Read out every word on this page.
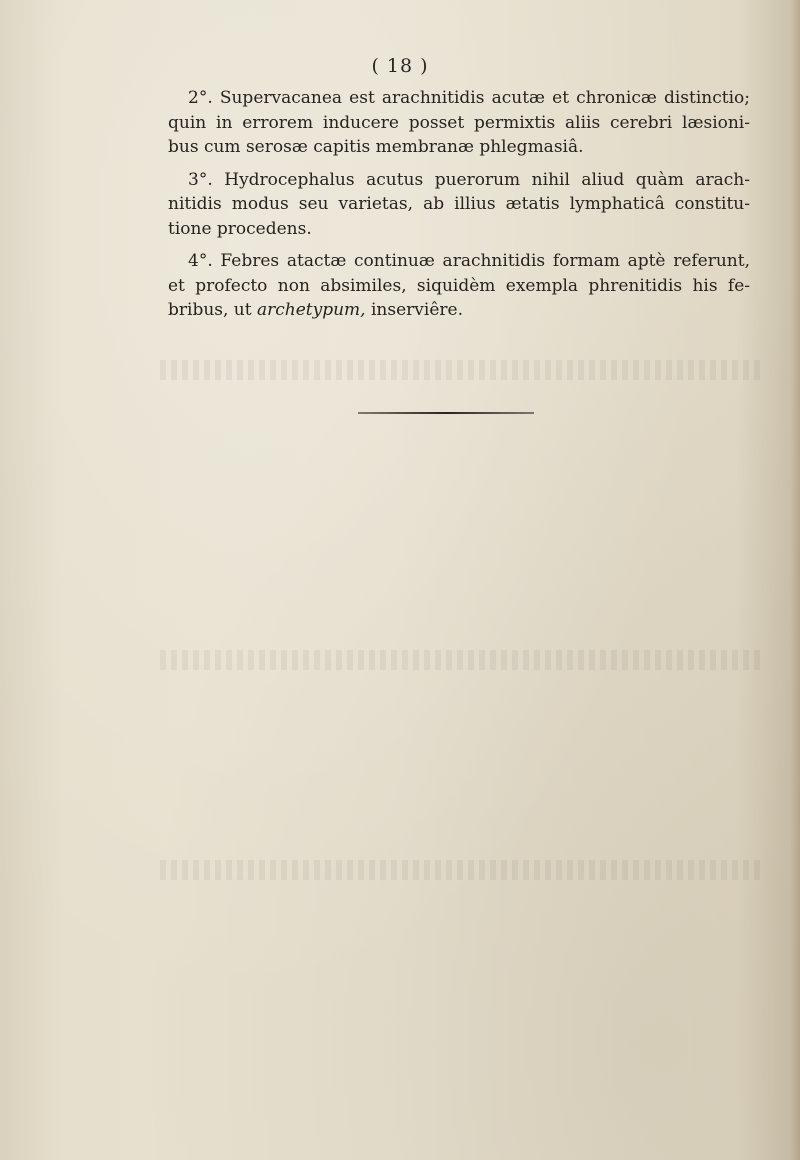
( 18 )

2°. Supervacanea est arachnitidis acutæ et chronicæ distinctio;
quin in errorem inducere posset permixtis aliis cerebri læsioni-
bus cum serosæ capitis membranæ phlegmasiâ.

3°. Hydrocephalus acutus puerorum nihil aliud quàm arach-
nitidis modus seu varietas, ab illius ætatis lymphaticâ constitu-
tione procedens.

4°. Febres atactæ continuæ arachnitidis formam aptè referunt,
et profecto non absimiles, siquidèm exempla phrenitidis his fe-
bribus, ut archetypum, inserviêre.
